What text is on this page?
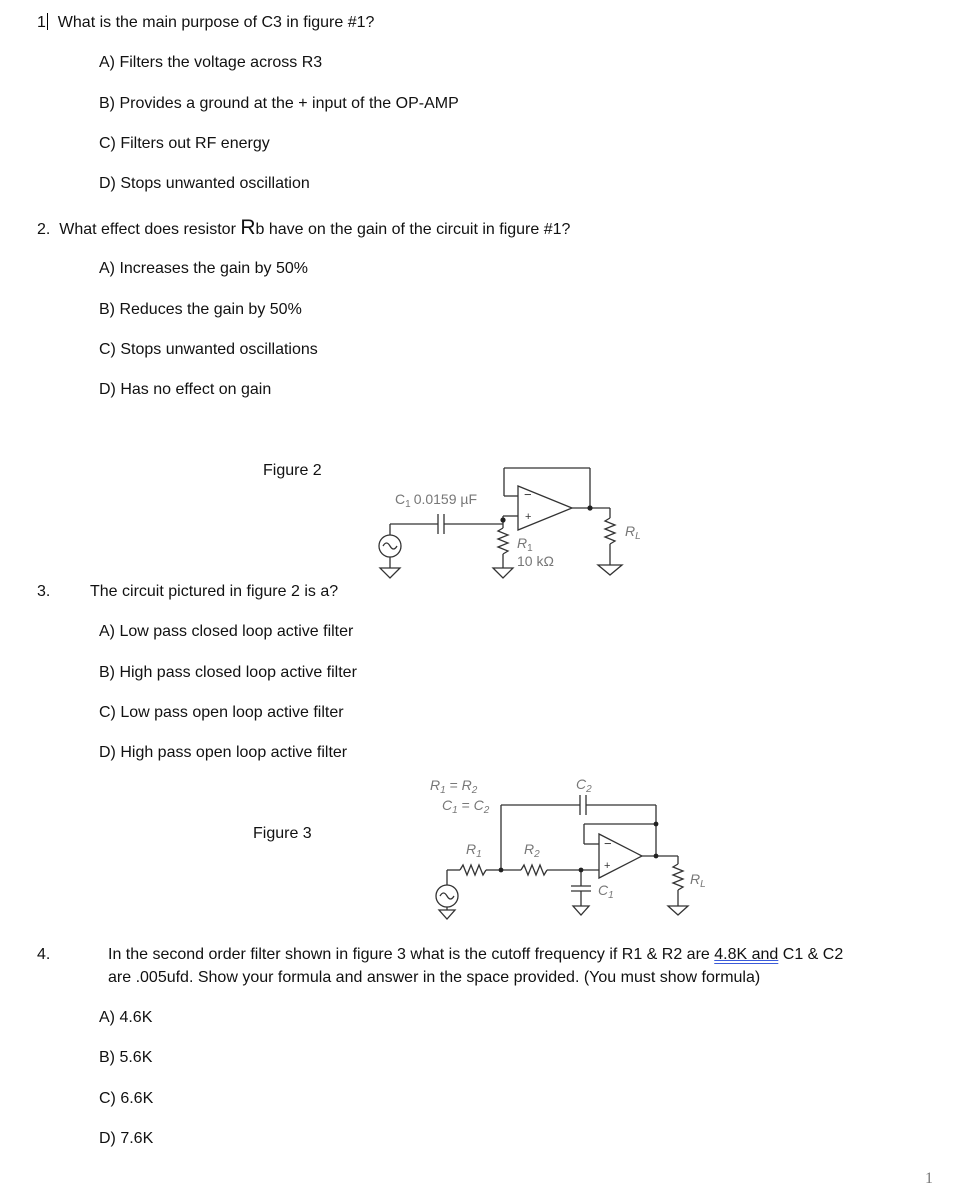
1 What is the main purpose of C3 in figure #1?
A) Filters the voltage across R3
B) Provides a ground at the + input of the OP-AMP
C) Filters out RF energy
D) Stops unwanted oscillation
2. What effect does resistor Rb have on the gain of the circuit in figure #1?
A) Increases the gain by 50%
B) Reduces the gain by 50%
C) Stops unwanted oscillations
D) Has no effect on gain
Figure 2
$C_1$ 0.0159 µF	−
+
$R_1$
10 kΩ
$R_L$
3. The circuit pictured in figure 2 is a?
A) Low pass closed loop active filter
B) High pass closed loop active filter
C) Low pass open loop active filter
D) High pass open loop active filter
Figure 3
$R_1 = R_2$
$C_1 = C_2$
$C_2$
$R_1$	$R_2$
$C_1$
−
+
$R_L$
4.	In the second order filter shown in figure 3 what is the cutoff frequency if R1 & R2 are 4.8K and C1 & C2
are .005ufd. Show your formula and answer in the space provided. (You must show formula)
A) 4.6K
B) 5.6K
C) 6.6K
D) 7.6K
1
